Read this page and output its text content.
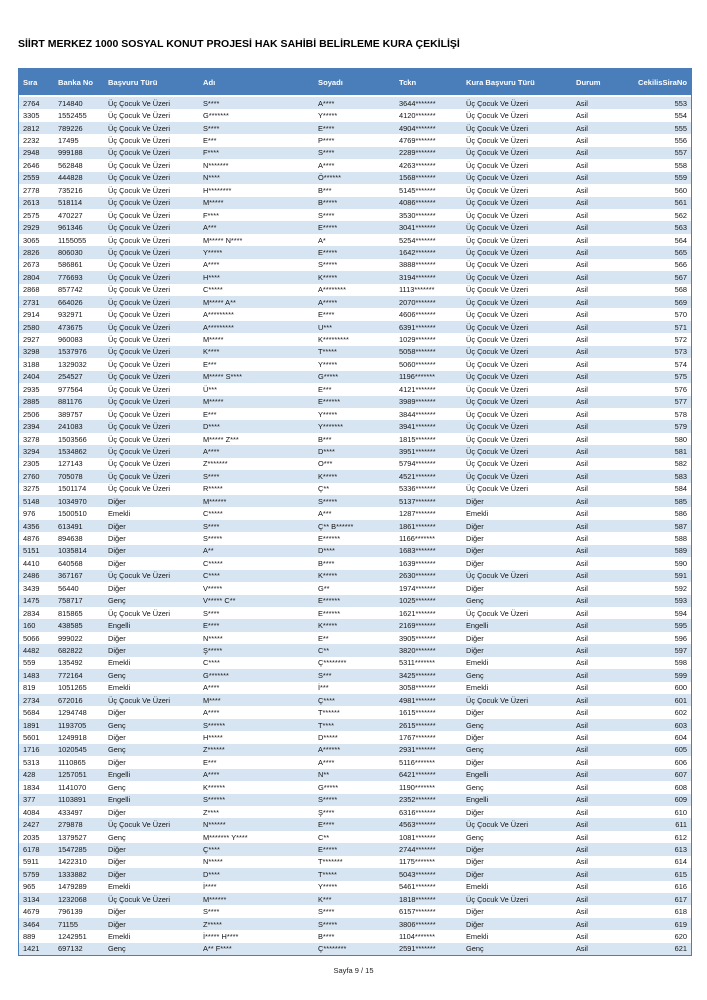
SİİRT MERKEZ 1000 SOSYAL KONUT PROJESİ HAK SAHİBİ BELİRLEME KURA ÇEKİLİŞİ
Sıra	Banka No	Başvuru Türü	Adı	Soyadı	Tckn	Kura Başvuru Türü	Durum	CekilisSiraNo
2764	714840	Üç Çocuk Ve Üzeri	S****	A****	3644*******	Üç Çocuk Ve Üzeri	Asil	553
3305	1552455	Üç Çocuk Ve Üzeri	G*******	Y*****	4120*******	Üç Çocuk Ve Üzeri	Asil	554
2812	789226	Üç Çocuk Ve Üzeri	S****	E****	4904*******	Üç Çocuk Ve Üzeri	Asil	555
2232	17495	Üç Çocuk Ve Üzeri	E***	P****	4769*******	Üç Çocuk Ve Üzeri	Asil	556
2948	999188	Üç Çocuk Ve Üzeri	F****	S****	2289*******	Üç Çocuk Ve Üzeri	Asil	557
2646	562848	Üç Çocuk Ve Üzeri	N*******	A****	4263*******	Üç Çocuk Ve Üzeri	Asil	558
2559	444828	Üç Çocuk Ve Üzeri	N****	Ö******	1568*******	Üç Çocuk Ve Üzeri	Asil	559
2778	735216	Üç Çocuk Ve Üzeri	H********	B***	5145*******	Üç Çocuk Ve Üzeri	Asil	560
2613	518114	Üç Çocuk Ve Üzeri	M*****	B*****	4086*******	Üç Çocuk Ve Üzeri	Asil	561
2575	470227	Üç Çocuk Ve Üzeri	F****	S****	3530*******	Üç Çocuk Ve Üzeri	Asil	562
2929	961346	Üç Çocuk Ve Üzeri	A***	E*****	3041*******	Üç Çocuk Ve Üzeri	Asil	563
3065	1155055	Üç Çocuk Ve Üzeri	M***** N****	A*	5254*******	Üç Çocuk Ve Üzeri	Asil	564
2826	806030	Üç Çocuk Ve Üzeri	Y*****	E*****	1642*******	Üç Çocuk Ve Üzeri	Asil	565
2673	586861	Üç Çocuk Ve Üzeri	A****	S*****	3888*******	Üç Çocuk Ve Üzeri	Asil	566
2804	776693	Üç Çocuk Ve Üzeri	H****	K*****	3194*******	Üç Çocuk Ve Üzeri	Asil	567
2868	857742	Üç Çocuk Ve Üzeri	C*****	A********	1113*******	Üç Çocuk Ve Üzeri	Asil	568
2731	664026	Üç Çocuk Ve Üzeri	M***** A**	A*****	2070*******	Üç Çocuk Ve Üzeri	Asil	569
2914	932971	Üç Çocuk Ve Üzeri	A*********	E****	4606*******	Üç Çocuk Ve Üzeri	Asil	570
2580	473675	Üç Çocuk Ve Üzeri	A*********	U***	6391*******	Üç Çocuk Ve Üzeri	Asil	571
2927	960083	Üç Çocuk Ve Üzeri	M*****	K*********	1029*******	Üç Çocuk Ve Üzeri	Asil	572
3298	1537976	Üç Çocuk Ve Üzeri	K****	T*****	5058*******	Üç Çocuk Ve Üzeri	Asil	573
3188	1329032	Üç Çocuk Ve Üzeri	E***	Y*****	5060*******	Üç Çocuk Ve Üzeri	Asil	574
2404	254527	Üç Çocuk Ve Üzeri	M***** S****	G*****	1196*******	Üç Çocuk Ve Üzeri	Asil	575
2935	977564	Üç Çocuk Ve Üzeri	Ü***	E***	4121*******	Üç Çocuk Ve Üzeri	Asil	576
2885	881176	Üç Çocuk Ve Üzeri	M*****	E******	3989*******	Üç Çocuk Ve Üzeri	Asil	577
2506	389757	Üç Çocuk Ve Üzeri	E***	Y*****	3844*******	Üç Çocuk Ve Üzeri	Asil	578
2394	241083	Üç Çocuk Ve Üzeri	D****	Y*******	3941*******	Üç Çocuk Ve Üzeri	Asil	579
3278	1503566	Üç Çocuk Ve Üzeri	M***** Z***	B***	1815*******	Üç Çocuk Ve Üzeri	Asil	580
3294	1534862	Üç Çocuk Ve Üzeri	A****	D****	3951*******	Üç Çocuk Ve Üzeri	Asil	581
2305	127143	Üç Çocuk Ve Üzeri	Z*******	O***	5794*******	Üç Çocuk Ve Üzeri	Asil	582
2760	705078	Üç Çocuk Ve Üzeri	S****	K*****	4521*******	Üç Çocuk Ve Üzeri	Asil	583
3275	1501174	Üç Çocuk Ve Üzeri	R*****	Ç**	5336*******	Üç Çocuk Ve Üzeri	Asil	584
5148	1034970	Diğer	M******	S*****	5137*******	Diğer	Asil	585
976	1500510	Emekli	C*****	A***	1287*******	Emekli	Asil	586
4356	613491	Diğer	S****	Ç** B******	1861*******	Diğer	Asil	587
4876	894638	Diğer	S*****	E******	1166*******	Diğer	Asil	588
5151	1035814	Diğer	A**	D****	1683*******	Diğer	Asil	589
4410	640568	Diğer	C*****	B****	1639*******	Diğer	Asil	590
2486	367167	Üç Çocuk Ve Üzeri	C****	K*****	2630*******	Üç Çocuk Ve Üzeri	Asil	591
3439	56440	Diğer	V*****	G**	1974*******	Diğer	Asil	592
1475	758717	Genç	V***** C**	E******	1025*******	Genç	Asil	593
2834	815865	Üç Çocuk Ve Üzeri	S****	E******	1621*******	Üç Çocuk Ve Üzeri	Asil	594
160	438585	Engelli	E****	K*****	2169*******	Engelli	Asil	595
5066	999022	Diğer	N*****	E**	3905*******	Diğer	Asil	596
4482	682822	Diğer	Ş*****	C**	3820*******	Diğer	Asil	597
559	135492	Emekli	C****	Ç********	5311*******	Emekli	Asil	598
1483	772164	Genç	G*******	S***	3425*******	Genç	Asil	599
819	1051265	Emekli	A****	İ***	3058*******	Emekli	Asil	600
2734	672016	Üç Çocuk Ve Üzeri	M****	Ç****	4981*******	Üç Çocuk Ve Üzeri	Asil	601
5684	1294748	Diğer	A****	T******	1615*******	Diğer	Asil	602
1891	1193705	Genç	S******	T****	2615*******	Genç	Asil	603
5601	1249918	Diğer	H*****	D*****	1767*******	Diğer	Asil	604
1716	1020545	Genç	Z******	A******	2931*******	Genç	Asil	605
5313	1110865	Diğer	E***	A****	5116*******	Diğer	Asil	606
428	1257051	Engelli	A****	N**	6421*******	Engelli	Asil	607
1834	1141070	Genç	K******	G*****	1190*******	Genç	Asil	608
377	1103891	Engelli	S******	S*****	2352*******	Engelli	Asil	609
4084	433497	Diğer	Z****	Ş****	6316*******	Diğer	Asil	610
2427	279878	Üç Çocuk Ve Üzeri	N******	E****	4563*******	Üç Çocuk Ve Üzeri	Asil	611
2035	1379527	Genç	M******* Y****	C**	1081*******	Genç	Asil	612
6178	1547285	Diğer	Ç****	E*****	2744*******	Diğer	Asil	613
5911	1422310	Diğer	N*****	T*******	1175*******	Diğer	Asil	614
5759	1333882	Diğer	D****	T*****	5043*******	Diğer	Asil	615
965	1479289	Emekli	İ****	Y*****	5461*******	Emekli	Asil	616
3134	1232068	Üç Çocuk Ve Üzeri	M******	K***	1818*******	Üç Çocuk Ve Üzeri	Asil	617
4679	796139	Diğer	S****	S****	6157*******	Diğer	Asil	618
3464	71155	Diğer	Z*****	S*****	3806*******	Diğer	Asil	619
889	1242951	Emekli	İ***** H****	B****	1104*******	Emekli	Asil	620
1421	697132	Genç	A** F****	Ç********	2591*******	Genç	Asil	621
Sayfa 9 / 15
